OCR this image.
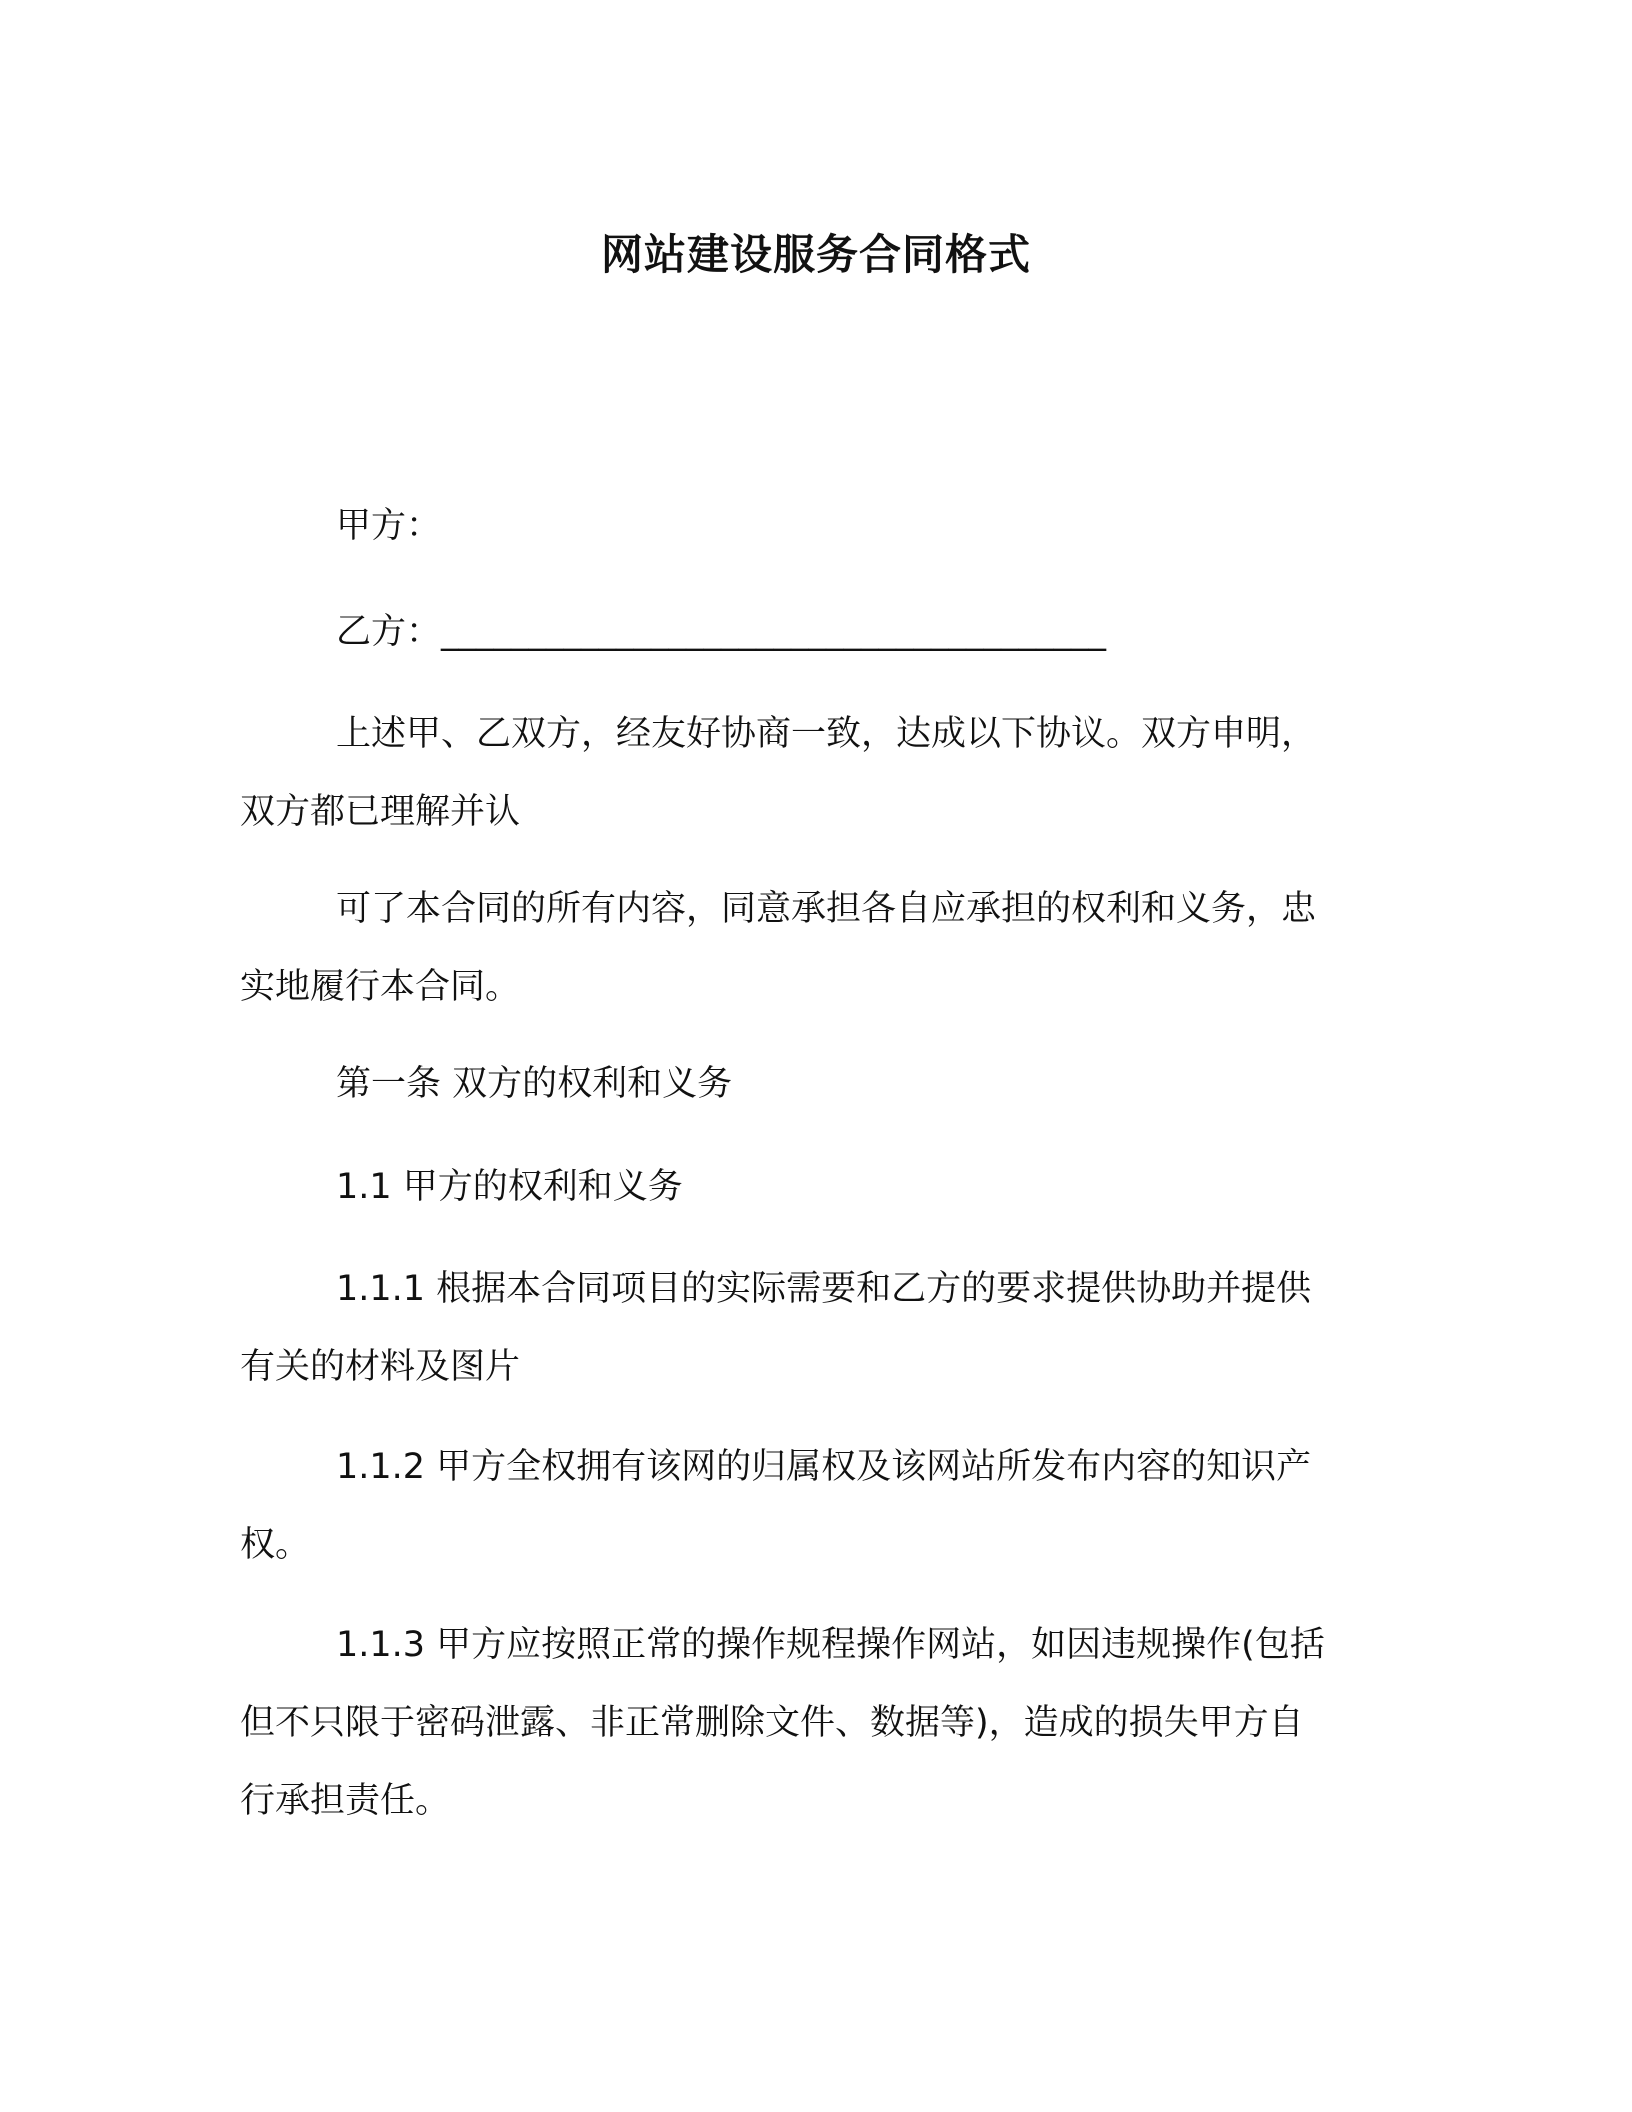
网站建设服务合同格式
甲方：
乙方：______________________________________
上述甲、乙双方，经友好协商一致，达成以下协议。双方申明，
双方都已理解并认
可了本合同的所有内容，同意承担各自应承担的权利和义务，忠
实地履行本合同。
第一条 双方的权利和义务
1.1 甲方的权利和义务
1.1.1 根据本合同项目的实际需要和乙方的要求提供协助并提供
有关的材料及图片
1.1.2 甲方全权拥有该网的归属权及该网站所发布内容的知识产
权。
1.1.3 甲方应按照正常的操作规程操作网站，如因违规操作(包括
但不只限于密码泄露、非正常删除文件、数据等)，造成的损失甲方自
行承担责任。
